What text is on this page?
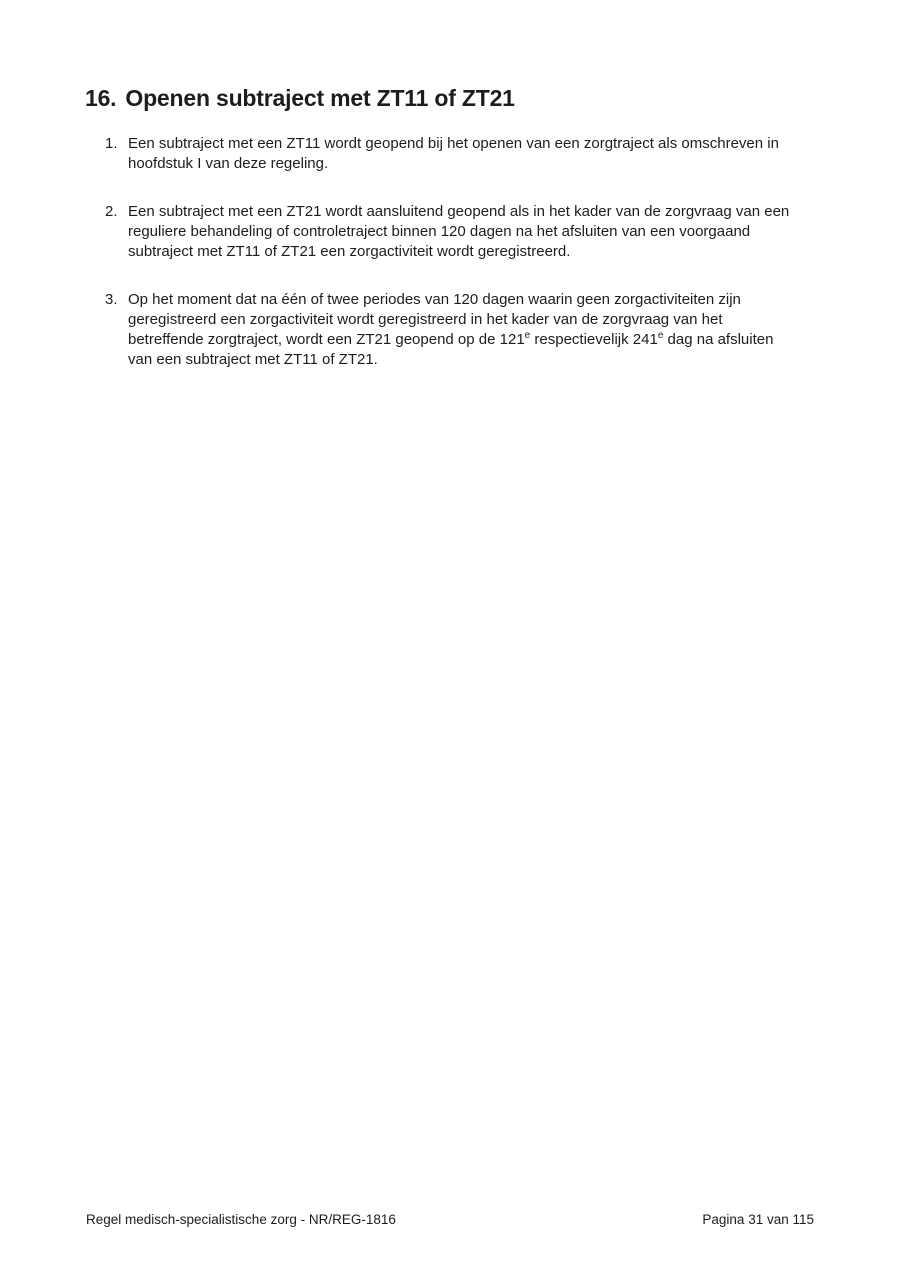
16. Openen subtraject met ZT11 of ZT21
1. Een subtraject met een ZT11 wordt geopend bij het openen van een zorgtraject als omschreven in hoofdstuk I van deze regeling.
2. Een subtraject met een ZT21 wordt aansluitend geopend als in het kader van de zorgvraag van een reguliere behandeling of controletraject binnen 120 dagen na het afsluiten van een voorgaand subtraject met ZT11 of ZT21 een zorgactiviteit wordt geregistreerd.
3. Op het moment dat na één of twee periodes van 120 dagen waarin geen zorgactiviteiten zijn geregistreerd een zorgactiviteit wordt geregistreerd in het kader van de zorgvraag van het betreffende zorgtraject, wordt een ZT21 geopend op de 121e respectievelijk 241e dag na afsluiten van een subtraject met ZT11 of ZT21.
Regel medisch-specialistische zorg - NR/REG-1816	Pagina 31 van 115
